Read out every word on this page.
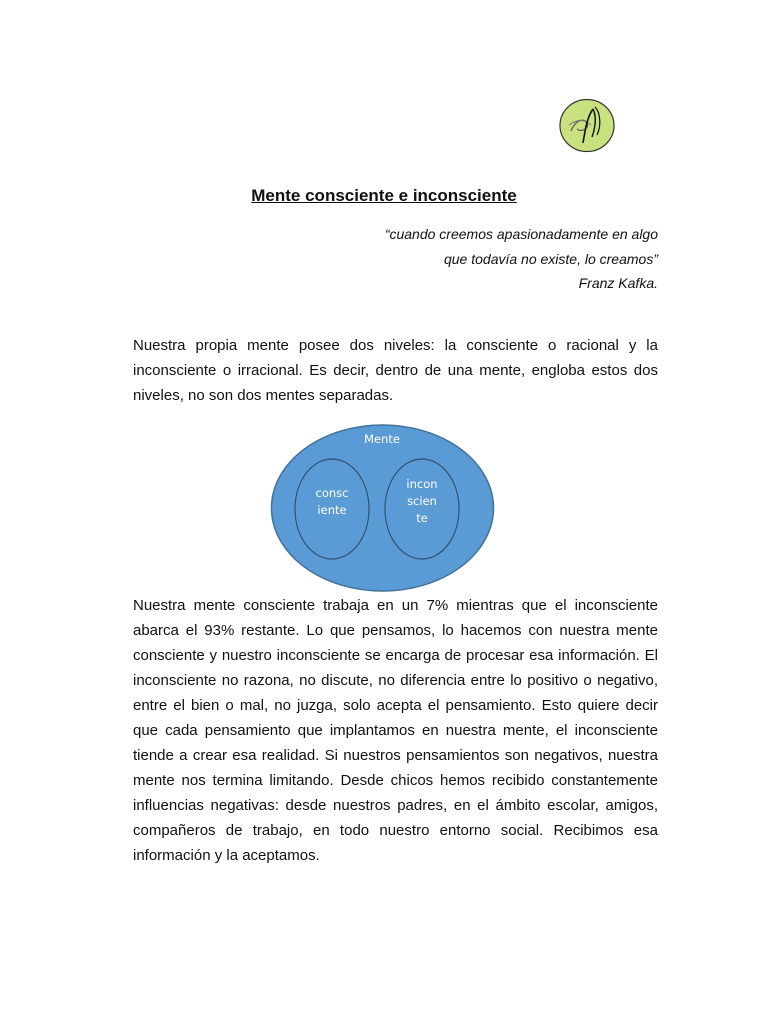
Mente consciente e inconsciente

“cuando creemos apasionadamente en algo

que todavía no existe, lo creamos”

Franz Kafka.

Nuestra propia mente posee dos niveles: la consciente o racional y la inconsciente o irracional. Es decir, dentro de una mente, engloba estos dos niveles, no son dos mentes separadas.

Mente
consc
iente
incon
scien
te

Nuestra mente consciente trabaja en un 7% mientras que el inconsciente abarca el 93% restante. Lo que pensamos, lo hacemos con nuestra mente consciente y nuestro inconsciente se encarga de procesar esa información. El inconsciente no razona, no discute, no diferencia entre lo positivo o negativo, entre el bien o mal, no juzga, solo acepta el pensamiento. Esto quiere decir que cada pensamiento que implantamos en nuestra mente, el inconsciente tiende a crear esa realidad. Si nuestros pensamientos son negativos, nuestra mente nos termina limitando. Desde chicos hemos recibido constantemente influencias negativas: desde nuestros padres, en el ámbito escolar, amigos, compañeros de trabajo, en todo nuestro entorno social. Recibimos esa información y la aceptamos.
